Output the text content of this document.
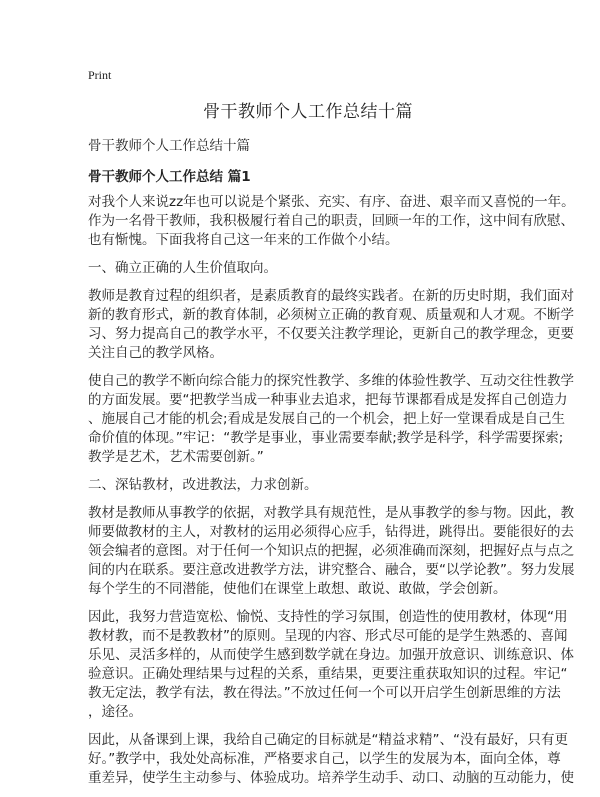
Print
骨干教师个人工作总结十篇
骨干教师个人工作总结十篇
骨干教师个人工作总结 篇1
对我个人来说zz年也可以说是个紧张、充实、有序、奋进、艰辛而又喜悦的一年。
作为一名骨干教师，我积极履行着自己的职责，回顾一年的工作，这中间有欣慰、
也有惭愧。下面我将自己这一年来的工作做个小结。
一、确立正确的人生价值取向。
教师是教育过程的组织者，是素质教育的最终实践者。在新的历史时期，我们面对
新的教育形式，新的教育体制，必须树立正确的教育观、质量观和人才观。不断学
习、努力提高自己的教学水平，不仅要关注教学理论，更新自己的教学理念，更要
关注自己的教学风格。
使自己的教学不断向综合能力的探究性教学、多维的体验性教学、互动交往性教学
的方面发展。要“把教学当成一种事业去追求，把每节课都看成是发挥自己创造力
、施展自己才能的机会;看成是发展自己的一个机会，把上好一堂课看成是自己生
命价值的体现。”牢记：“教学是事业，事业需要奉献;教学是科学，科学需要探索;
教学是艺术，艺术需要创新。”
二、深钻教材，改进教法，力求创新。
教材是教师从事教学的依据，对教学具有规范性，是从事教学的参与物。因此，教
师要做教材的主人，对教材的运用必须得心应手，钻得进，跳得出。要能很好的去
领会编者的意图。对于任何一个知识点的把握，必须准确而深刻，把握好点与点之
间的内在联系。要注意改进教学方法，讲究整合、融合，要“以学论教”。努力发展
每个学生的不同潜能，使他们在课堂上敢想、敢说、敢做，学会创新。
因此，我努力营造宽松、愉悦、支持性的学习氛围，创造性的使用教材，体现“用
教材教，而不是教教材”的原则。呈现的内容、形式尽可能的是学生熟悉的、喜闻
乐见、灵活多样的，从而使学生感到数学就在身边。加强开放意识、训练意识、体
验意识。正确处理结果与过程的关系，重结果，更要注重获取知识的过程。牢记“
教无定法，教学有法，教在得法。”不放过任何一个可以开启学生创新思维的方法
，途径。
因此，从备课到上课，我给自己确定的目标就是“精益求精”、“没有最好，只有更
好。”教学中，我处处高标准，严格要求自己，以学生的发展为本，面向全体，尊
重差异，使学生主动参与、体验成功。培养学生动手、动口、动脑的互动能力，使
